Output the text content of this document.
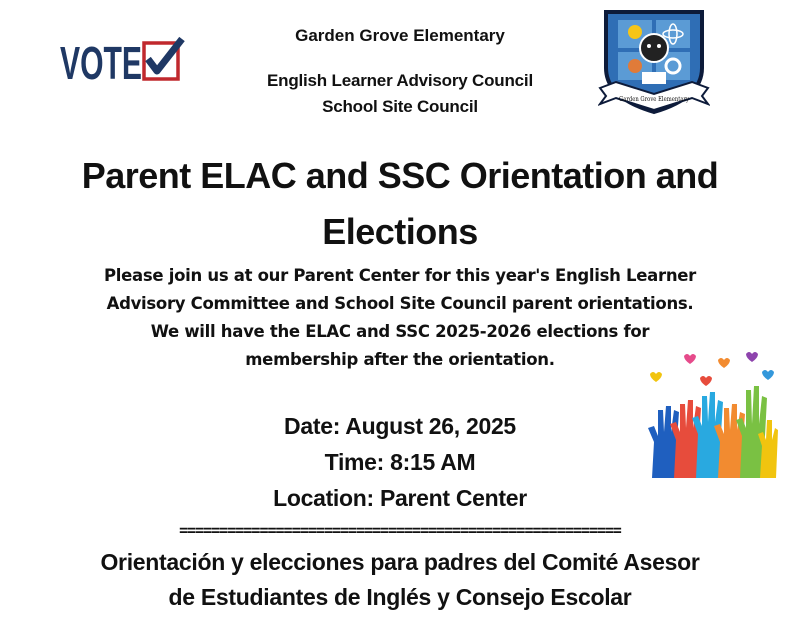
VOTE
Garden Grove Elementary
Garden Grove Elementary
English Learner Advisory Council
School Site Council
Parent ELAC and SSC Orientation and
Elections
Please join us at our Parent Center for this year's English Learner Advisory Committee and School Site Council parent orientations. We will have the ELAC and SSC 2025-2026 elections for membership after the orientation.
Date: August 26, 2025
Time: 8:15 AM
Location: Parent Center
=======================================================
Orientación y elecciones para padres del Comité Asesor
de Estudiantes de Inglés y Consejo Escolar
